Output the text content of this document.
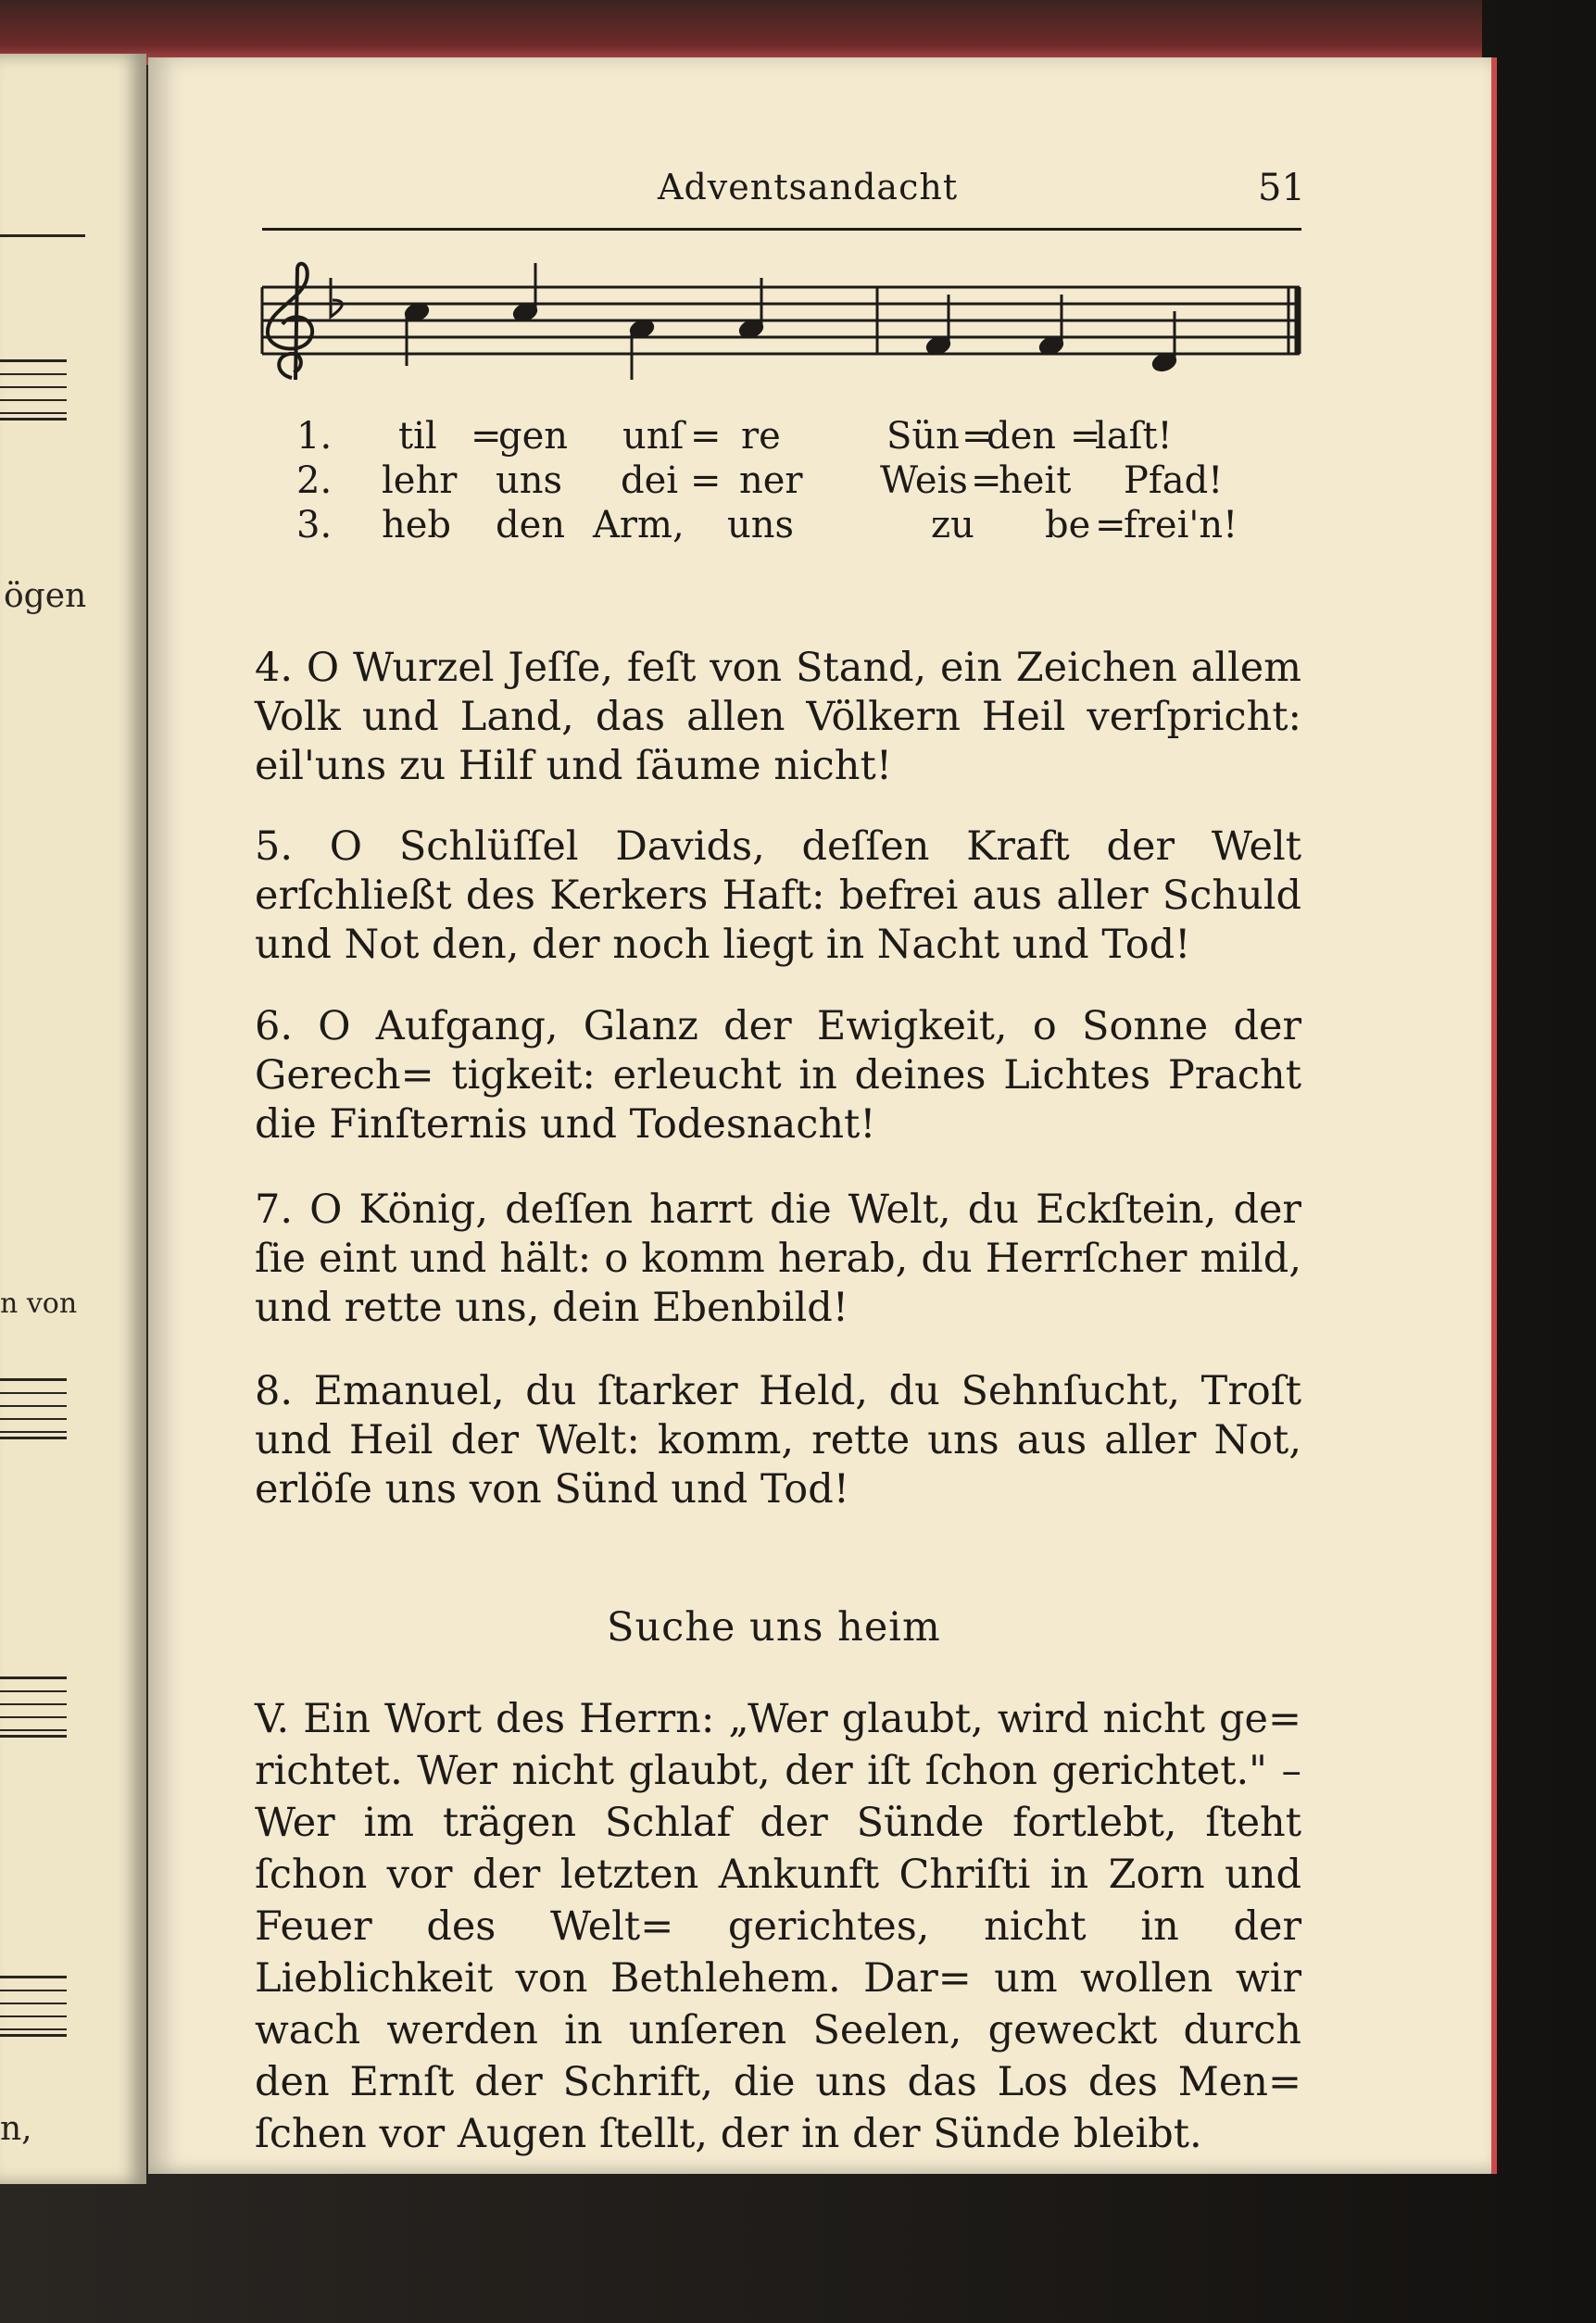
ögen
n von
n,
Adventsandacht	51
1. til =
gen unſ = re	Sün =
den =
laſt!
2. lehr uns dei = ner Weis =
heit Pfad!
3. heb den Arm, uns	zu be =
frei'n!
4. O Wurzel Jeſſe, feſt von Stand, ein Zeichen allem Volk und Land, das allen Völkern Heil verſpricht: eil'uns zu Hilf und ſäume nicht!
5. O Schlüſſel Davids, deſſen Kraft der Welt erſchließt des Kerkers Haft: befrei aus aller Schuld und Not den, der noch liegt in Nacht und Tod!
6. O Aufgang, Glanz der Ewigkeit, o Sonne der Gerech= tigkeit: erleucht in deines Lichtes Pracht die Finſternis und Todesnacht!
7. O König, deſſen harrt die Welt, du Eckſtein, der ſie eint und hält: o komm herab, du Herrſcher mild, und rette uns, dein Ebenbild!
8. Emanuel, du ſtarker Held, du Sehnſucht, Troſt und Heil der Welt: komm, rette uns aus aller Not, erlöſe uns von Sünd und Tod!
Suche uns heim
V. Ein Wort des Herrn: „Wer glaubt, wird nicht ge= richtet. Wer nicht glaubt, der iſt ſchon gerichtet." – Wer im trägen Schlaf der Sünde fortlebt, ſteht ſchon vor der letzten Ankunft Chriſti in Zorn und Feuer des Welt= gerichtes, nicht in der Lieblichkeit von Bethlehem. Dar= um wollen wir wach werden in unſeren Seelen, geweckt durch den Ernſt der Schrift, die uns das Los des Men= ſchen vor Augen ſtellt, der in der Sünde bleibt.
